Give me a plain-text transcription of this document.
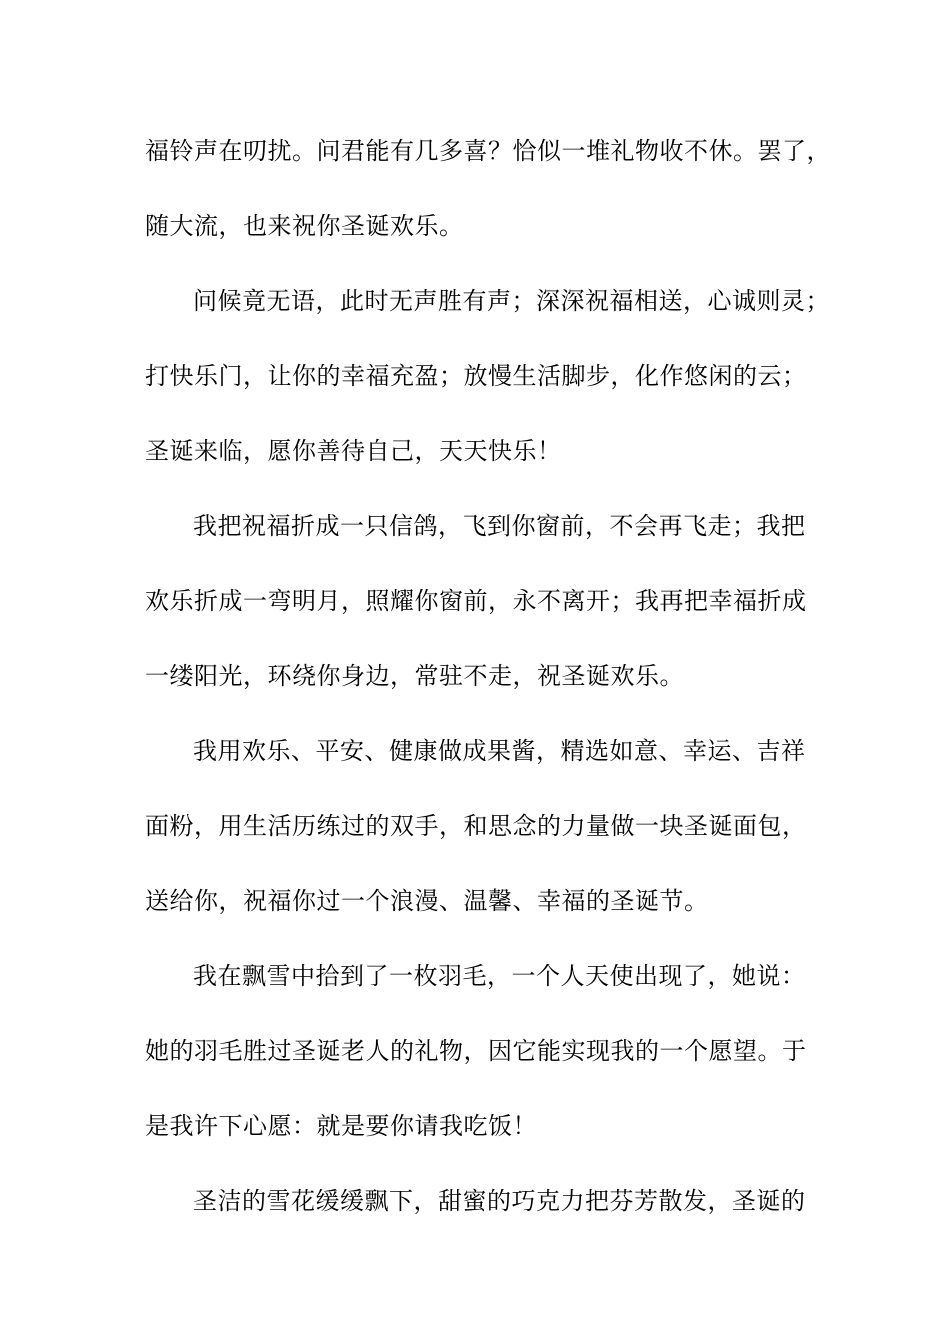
福铃声在叨扰。问君能有几多喜？恰似一堆礼物收不休。罢了，
随大流，也来祝你圣诞欢乐。
问候竟无语，此时无声胜有声；深深祝福相送，心诚则灵；
打快乐门，让你的幸福充盈；放慢生活脚步，化作悠闲的云；
圣诞来临，愿你善待自己，天天快乐！
我把祝福折成一只信鸽，飞到你窗前，不会再飞走；我把
欢乐折成一弯明月，照耀你窗前，永不离开；我再把幸福折成
一缕阳光，环绕你身边，常驻不走，祝圣诞欢乐。
我用欢乐、平安、健康做成果酱，精选如意、幸运、吉祥
面粉，用生活历练过的双手，和思念的力量做一块圣诞面包，
送给你，祝福你过一个浪漫、温馨、幸福的圣诞节。
我在飘雪中拾到了一枚羽毛，一个人天使出现了，她说：
她的羽毛胜过圣诞老人的礼物，因它能实现我的一个愿望。于
是我许下心愿：就是要你请我吃饭！
圣洁的雪花缓缓飘下，甜蜜的巧克力把芬芳散发，圣诞的
